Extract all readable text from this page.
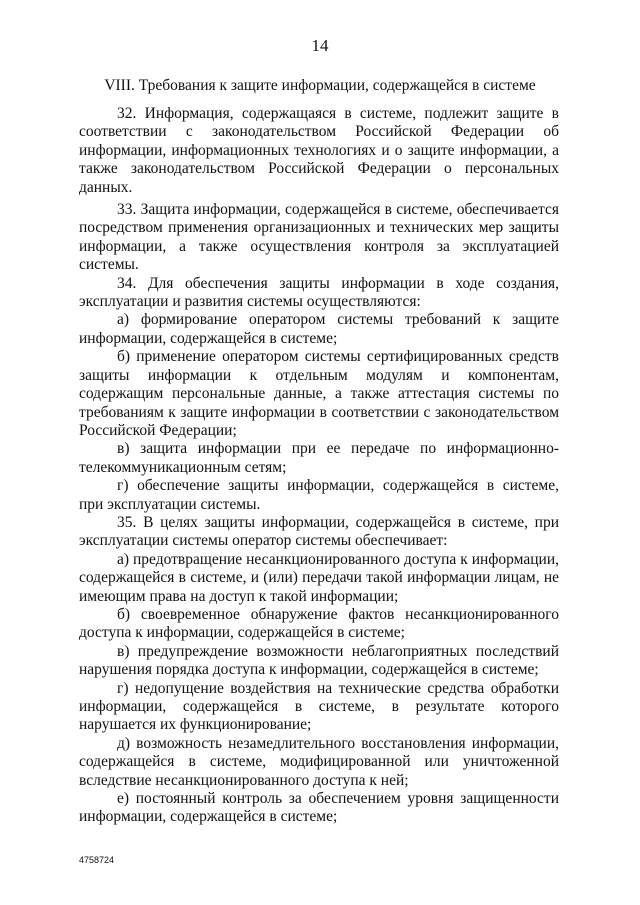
14
VIII. Требования к защите информации, содержащейся в системе

32. Информация, содержащаяся в системе, подлежит защите в соответствии с законодательством Российской Федерации об информации, информационных технологиях и о защите информации, а также законодательством Российской Федерации о персональных данных.

33. Защита информации, содержащейся в системе, обеспечивается посредством применения организационных и технических мер защиты информации, а также осуществления контроля за эксплуатацией системы.

34. Для обеспечения защиты информации в ходе создания, эксплуатации и развития системы осуществляются:

а) формирование оператором системы требований к защите информации, содержащейся в системе;

б) применение оператором системы сертифицированных средств защиты информации к отдельным модулям и компонентам, содержащим персональные данные, а также аттестация системы по требованиям к защите информации в соответствии с законодательством Российской Федерации;

в) защита информации при ее передаче по информационно-телекоммуникационным сетям;

г) обеспечение защиты информации, содержащейся в системе, при эксплуатации системы.

35. В целях защиты информации, содержащейся в системе, при эксплуатации системы оператор системы обеспечивает:

а) предотвращение несанкционированного доступа к информации, содержащейся в системе, и (или) передачи такой информации лицам, не имеющим права на доступ к такой информации;

б) своевременное обнаружение фактов несанкционированного доступа к информации, содержащейся в системе;

в) предупреждение возможности неблагоприятных последствий нарушения порядка доступа к информации, содержащейся в системе;

г) недопущение воздействия на технические средства обработки информации, содержащейся в системе, в результате которого нарушается их функционирование;

д) возможность незамедлительного восстановления информации, содержащейся в системе, модифицированной или уничтоженной вследствие несанкционированного доступа к ней;

е) постоянный контроль за обеспечением уровня защищенности информации, содержащейся в системе;

4758724
